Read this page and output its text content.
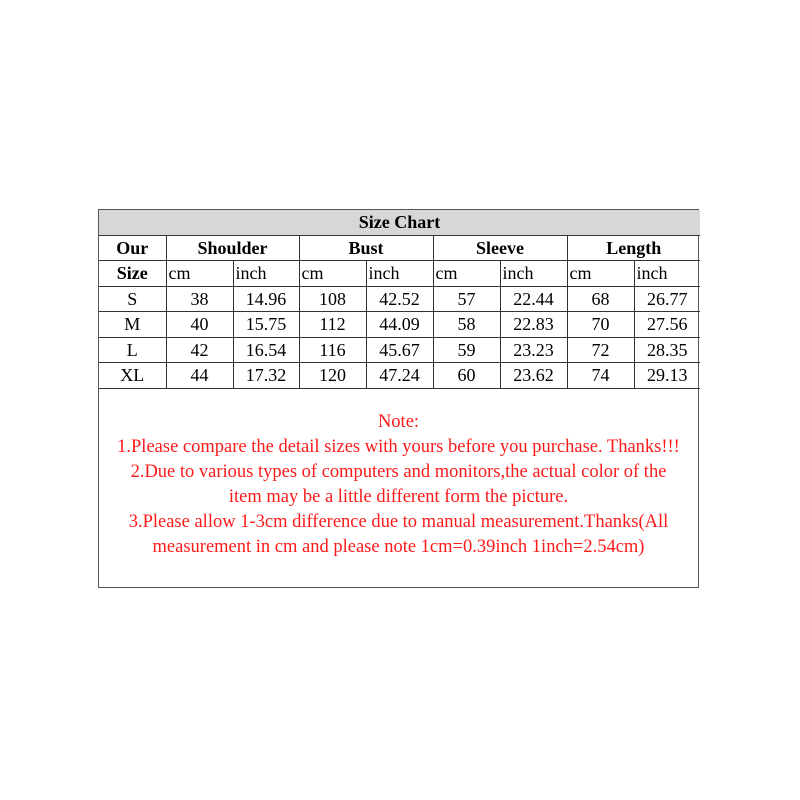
Size Chart								
Our	Shoulder		Bust		Sleeve		Length	
Size	cm	inch	cm	inch	cm	inch	cm	inch
S	38	14.96	108	42.52	57	22.44	68	26.77
M	40	15.75	112	44.09	58	22.83	70	27.56
L	42	16.54	116	45.67	59	23.23	72	28.35
XL	44	17.32	120	47.24	60	23.62	74	29.13
Note:
1.Please compare the detail sizes with yours before you purchase. Thanks!!!
2.Due to various types of computers and monitors,the actual color of the
item may be a little different form the picture.
3.Please allow 1-3cm difference due to manual measurement.Thanks(All
measurement in cm and please note 1cm=0.39inch 1inch=2.54cm)
